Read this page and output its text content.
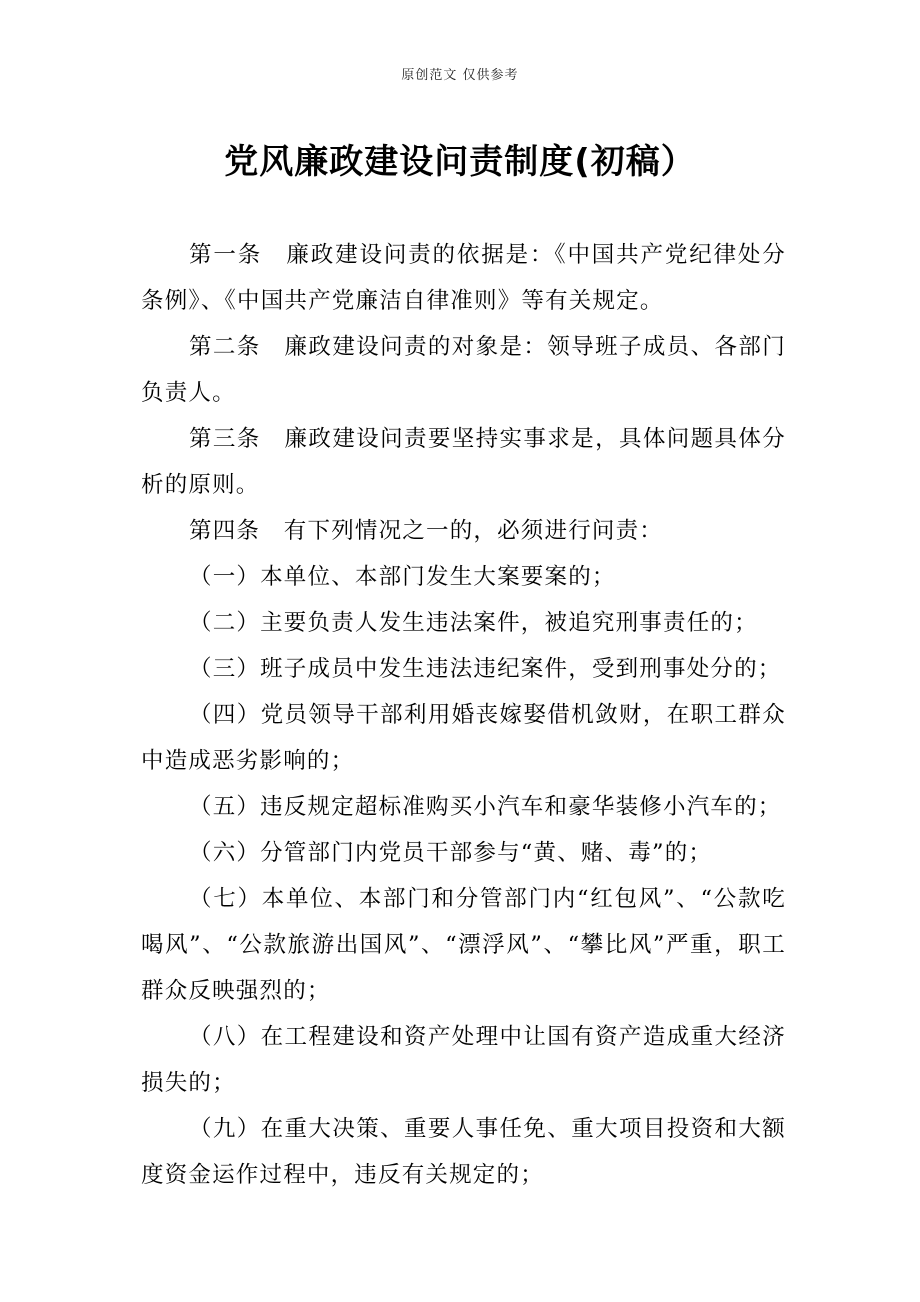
原创范文 仅供参考
党风廉政建设问责制度(初稿）

第一条　廉政建设问责的依据是：《中国共产党纪律处分条例》、《中国共产党廉洁自律准则》等有关规定。

第二条　廉政建设问责的对象是：领导班子成员、各部门负责人。

第三条　廉政建设问责要坚持实事求是，具体问题具体分析的原则。

第四条　有下列情况之一的，必须进行问责：

（一）本单位、本部门发生大案要案的；

（二）主要负责人发生违法案件，被追究刑事责任的；

（三）班子成员中发生违法违纪案件，受到刑事处分的；

（四）党员领导干部利用婚丧嫁娶借机敛财，在职工群众中造成恶劣影响的；

（五）违反规定超标准购买小汽车和豪华装修小汽车的；

（六）分管部门内党员干部参与“黄、赌、毒”的；

（七）本单位、本部门和分管部门内“红包风”、“公款吃喝风”、“公款旅游出国风”、“漂浮风”、“攀比风”严重，职工群众反映强烈的；

（八）在工程建设和资产处理中让国有资产造成重大经济损失的；

（九）在重大决策、重要人事任免、重大项目投资和大额度资金运作过程中，违反有关规定的；
